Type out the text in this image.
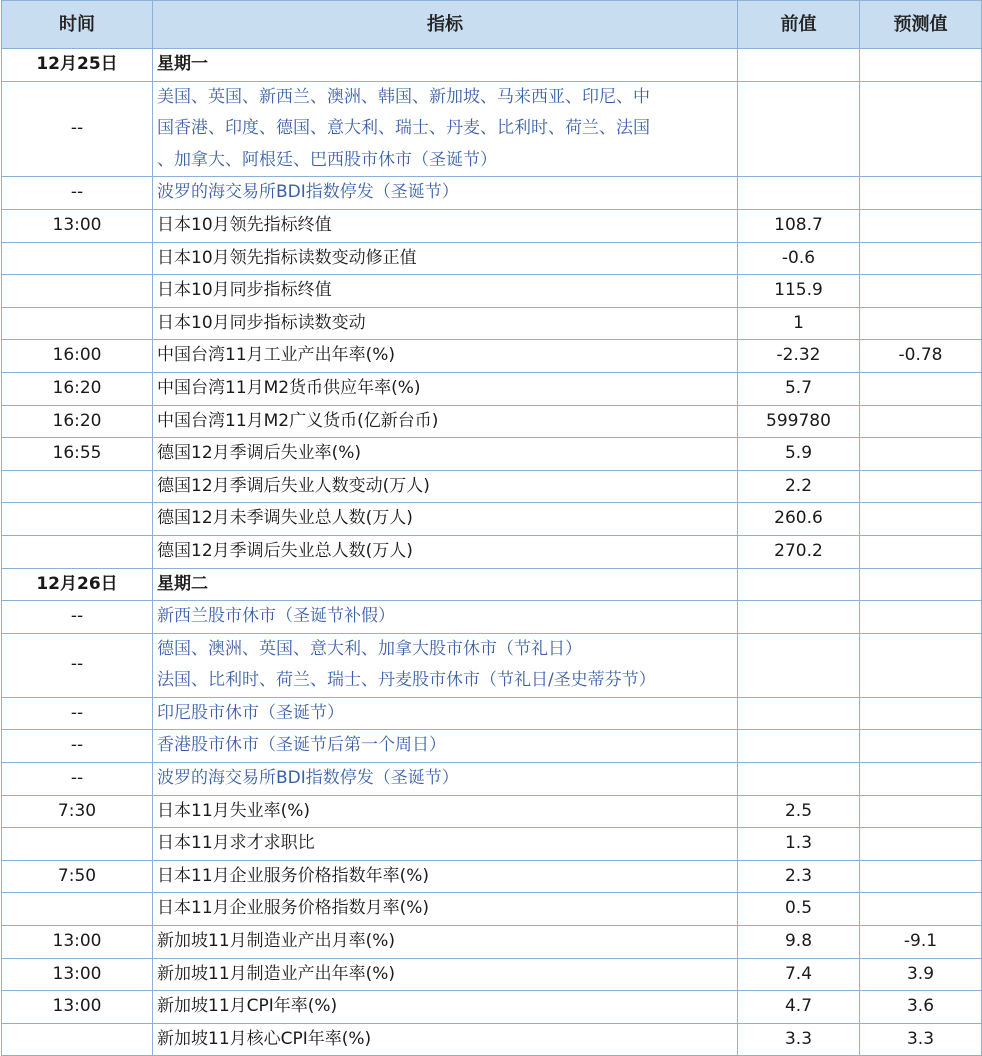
时间	指标	前值	预测值
12月25日	星期一		

--	美国、英国、新西兰、澳洲、韩国、新加坡、马来西亚、印尼、中
国香港、印度、德国、意大利、瑞士、丹麦、比利时、荷兰、法国
、加拿大、阿根廷、巴西股市休市（圣诞节）		

--	波罗的海交易所BDI指数停发（圣诞节）		

13:00	日本10月领先指标终值	108.7	

	日本10月领先指标读数变动修正值	-0.6	

	日本10月同步指标终值	115.9	

	日本10月同步指标读数变动	1	
16:00	中国台湾11月工业产出年率(%)	-2.32	-0.78
16:20	中国台湾11月M2货币供应年率(%)	5.7	
16:20	中国台湾11月M2广义货币(亿新台币)	599780	
16:55	德国12月季调后失业率(%)	5.9	

	德国12月季调后失业人数变动(万人)	2.2	

	德国12月未季调失业总人数(万人)	260.6	

	德国12月季调后失业总人数(万人)	270.2	
12月26日	星期二		

--	新西兰股市休市（圣诞节补假）		

--	德国、澳洲、英国、意大利、加拿大股市休市（节礼日）
法国、比利时、荷兰、瑞士、丹麦股市休市（节礼日/圣史蒂芬节）		

--	印尼股市休市（圣诞节）		

--	香港股市休市（圣诞节后第一个周日）		

--	波罗的海交易所BDI指数停发（圣诞节）		

7:30	日本11月失业率(%)	2.5	

	日本11月求才求职比	1.3	
7:50	日本11月企业服务价格指数年率(%)	2.3	

	日本11月企业服务价格指数月率(%)	0.5	
13:00	新加坡11月制造业产出月率(%)	9.8	-9.1
13:00	新加坡11月制造业产出年率(%)	7.4	3.9
13:00	新加坡11月CPI年率(%)	4.7	3.6

	新加坡11月核心CPI年率(%)	3.3	3.3
